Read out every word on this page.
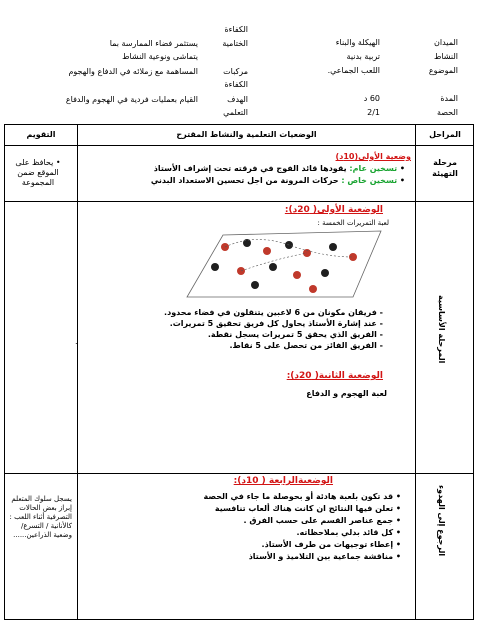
الميدان
الهيكلة والبناء
النشاط
تربية بدنية
الموضوع
اللعب الجماعي.
المدة
60 د
الحصة
2/1
الكفاءة
الختامية
يستثمر فضاء الممارسة بما
يتماشى ونوعية النشاط
مركبات
المساهمة مع زملائه في الدفاع والهجوم
الكفاءة
الهدف
القيام بعمليات فردية في الهجوم والدفاع
التعلمي
المراحل
الوضعيات التعلمية والنشاط المقترح
التقويم
مرحلة
التهيئة
وضعية الأولى(10د)
• تسخين عام: يقودها قائد الفوج في فرقته تحت إشراف الأستاذ
• تسخين خاص : حركات المرونة من اجل تحسين الاستعداد البدني
• يحافظ على
الموقع ضمن
المجموعة
المرحلة الأساسية
الوضعية الأولى( 20د):
لعبة التمريرات الخمسة :
- فريقان مكونان من 6 لاعبين يتنقلون في فضاء محدود.
- عند إشارة الأستاذ يحاول كل فريق تحقيق 5 تمريرات.
- الفريق الذي يحقق 5 تمريرات يسجل نقطة.
- الفريق الفائز من تحصل على 5 نقاط.
الوضعية الثانية( 20د):
لعبة الهجوم و الدفاع
.
الرجوع إلى الهدوء
الوضعيةالرابعة ( 10د):
• قد تكون بلعبة هادئة أو بحوصلة ما جاء في الحصة
• تعلن فيها النتائج ان كانت هناك ألعاب تنافسية
• جمع عناصر القسم على حسب الفرق .
• كل قائد بدلي بملاحظاته.
• إعطاء توجيهات من طرف الأستاذ.
• مناقشة جماعية بين التلاميذ و الأستاذ
يسجل سلوك المتعلم
إبراز بعض الحالات
التصرفية أثناء اللعب :
كالأنانية / التسرع/
وضعية الذراعين......
